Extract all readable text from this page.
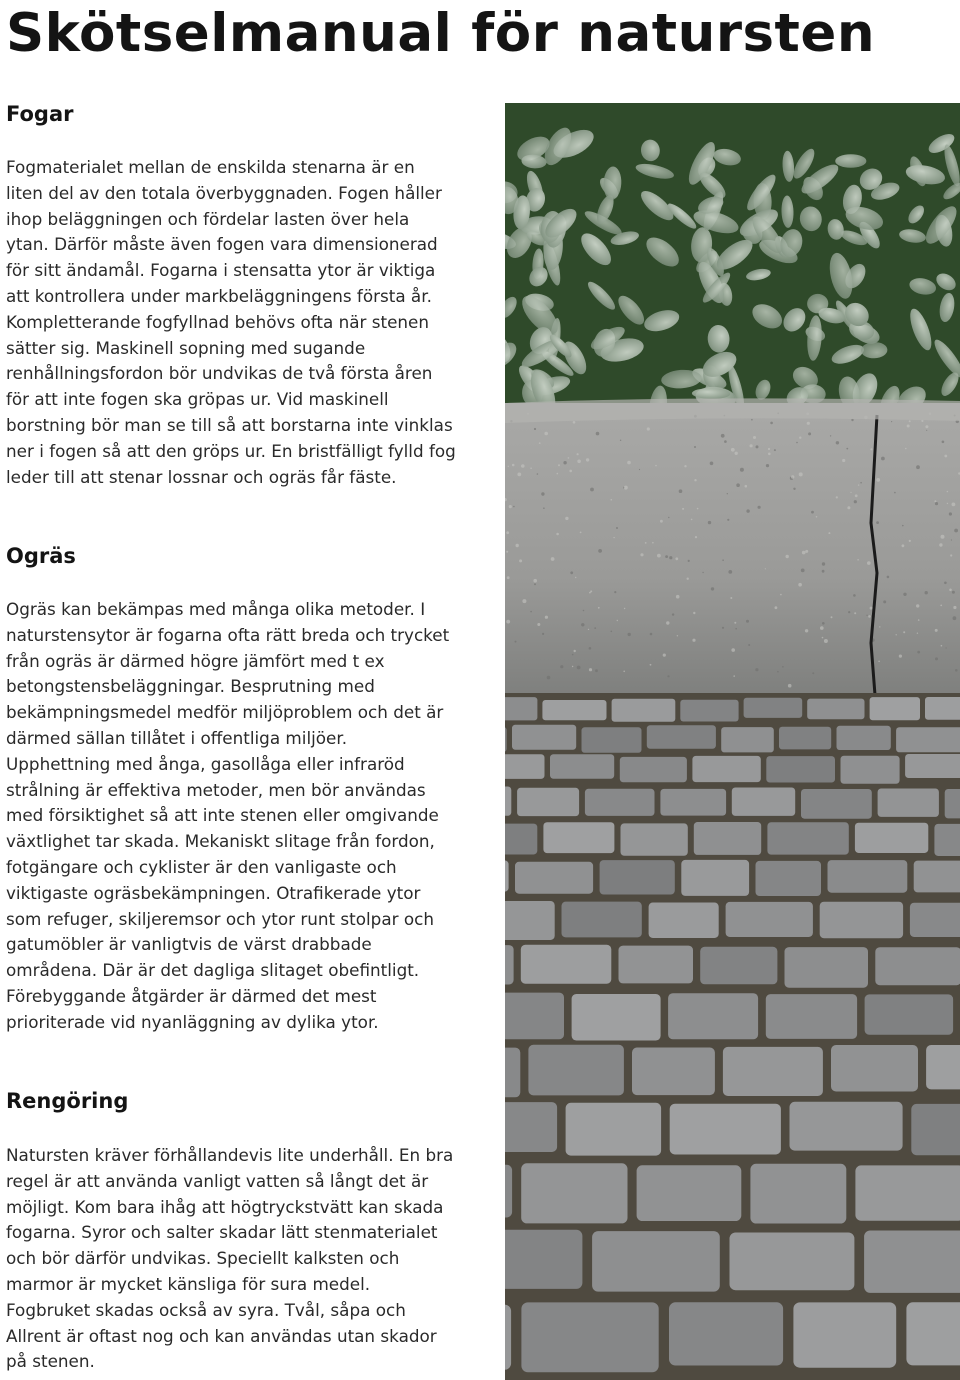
Skötselmanual för natursten
Fogar

Fogmaterialet mellan de enskilda stenarna är en liten del av den totala överbyggnaden. Fogen håller ihop beläggningen och fördelar lasten över hela ytan. Därför måste även fogen vara dimensionerad för sitt ändamål. Fogarna i stensatta ytor är viktiga att kontrollera under markbeläggningens första år. Kompletterande fogfyllnad behövs ofta när stenen sätter sig. Maskinell sopning med sugande renhållningsfordon bör undvikas de två första åren för att inte fogen ska gröpas ur. Vid maskinell borstning bör man se till så att borstarna inte vinklas ner i fogen så att den gröps ur. En bristfälligt fylld fog leder till att stenar lossnar och ogräs får fäste.

Ogräs

Ogräs kan bekämpas med många olika metoder. I naturstensytor är fogarna ofta rätt breda och trycket från ogräs är därmed högre jämfört med t ex betongstensbeläggningar. Besprutning med bekämpningsmedel medför miljöproblem och det är därmed sällan tillåtet i offentliga miljöer. Upphettning med ånga, gasollåga eller infraröd strålning är effektiva metoder, men bör användas med försiktighet så att inte stenen eller omgivande växtlighet tar skada. Mekaniskt slitage från fordon, fotgängare och cyklister är den vanligaste och viktigaste ogräsbekämpningen. Otrafikerade ytor som refuger, skiljeremsor och ytor runt stolpar och gatumöbler är vanligtvis de värst drabbade områdena. Där är det dagliga slitaget obefintligt. Förebyggande åtgärder är därmed det mest prioriterade vid nyanläggning av dylika ytor.

Rengöring

Natursten kräver förhållandevis lite underhåll. En bra regel är att använda vanligt vatten så långt det är möjligt. Kom bara ihåg att högtryckstvätt kan skada fogarna. Syror och salter skadar lätt stenmaterialet och bör därför undvikas. Speciellt kalksten och marmor är mycket känsliga för sura medel. Fogbruket skadas också av syra. Tvål, såpa och Allrent är oftast nog och kan användas utan skador på stenen.
